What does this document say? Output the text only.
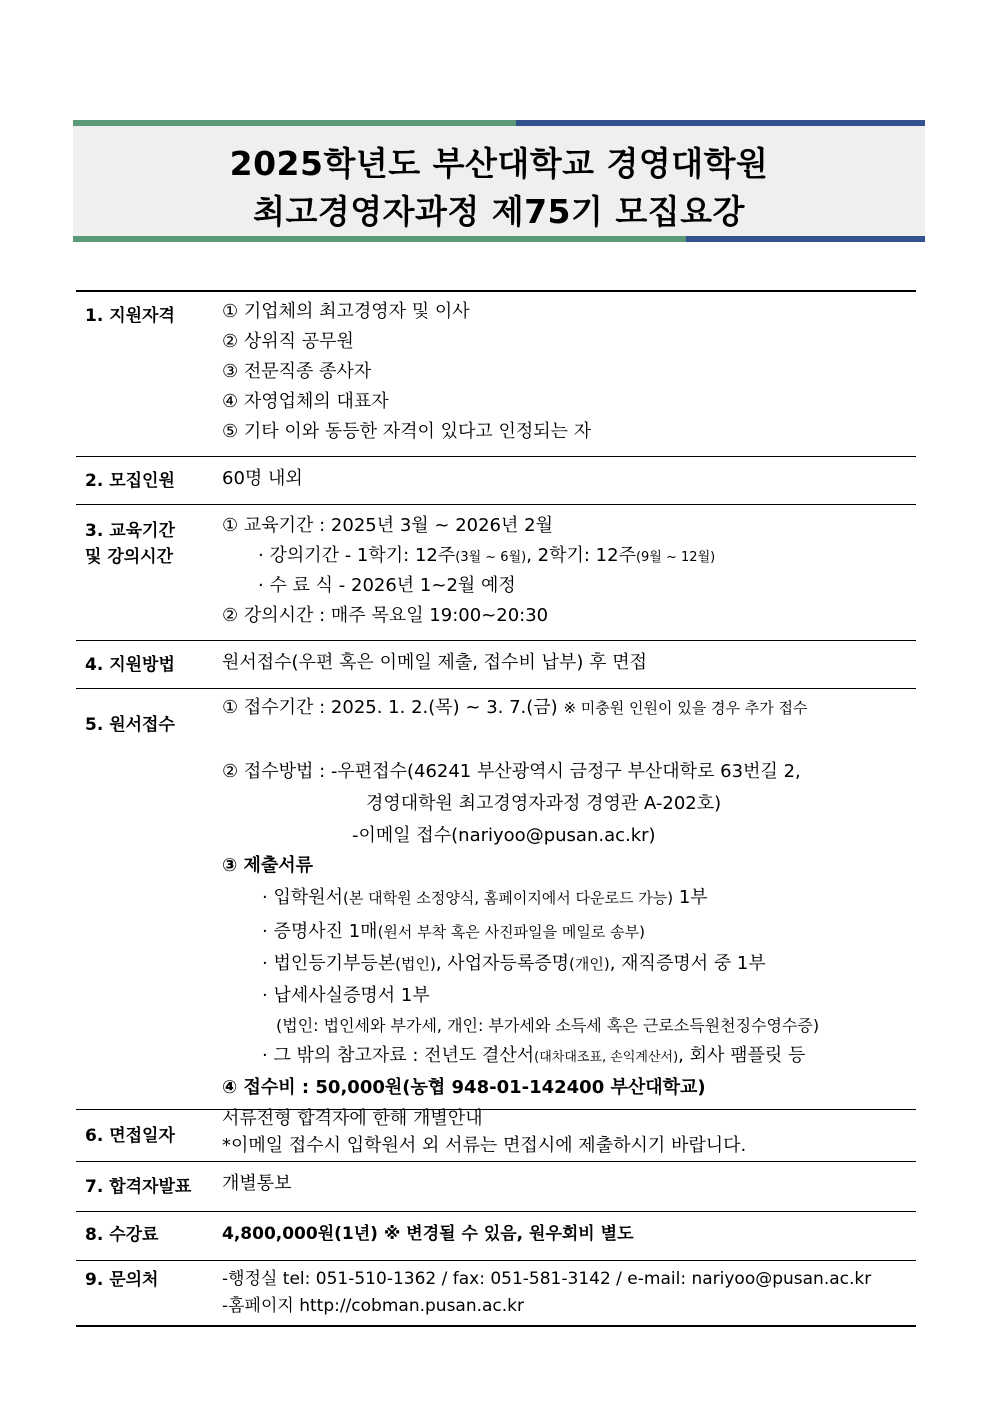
2025학년도 부산대학교 경영대학원
최고경영자과정 제75기 모집요강
1. 지원자격	① 기업체의 최고경영자 및 이사
② 상위직 공무원
③ 전문직종 종사자
④ 자영업체의 대표자
⑤ 기타 이와 동등한 자격이 있다고 인정되는 자
2. 모집인원	60명 내외
3. 교육기간
및 강의시간
① 교육기간 : 2025년 3월 ~ 2026년 2월
· 강의기간 - 1학기: 12주(3월 ~ 6월), 2학기: 12주(9월 ~ 12월)
· 수 료 식 - 2026년 1~2월 예정
② 강의시간 : 매주 목요일 19:00~20:30
4. 지원방법	원서접수(우편 혹은 이메일 제출, 접수비 납부) 후 면접
5. 원서접수
① 접수기간 : 2025. 1. 2.(목) ~ 3. 7.(금) ※ 미충원 인원이 있을 경우 추가 접수
② 접수방법 : -우편접수(46241 부산광역시 금정구 부산대학로 63번길 2,
경영대학원 최고경영자과정 경영관 A-202호)
-이메일 접수(nariyoo@pusan.ac.kr)
③ 제출서류
· 입학원서(본 대학원 소정양식, 홈페이지에서 다운로드 가능) 1부
· 증명사진 1매(원서 부착 혹은 사진파일을 메일로 송부)
· 법인등기부등본(법인), 사업자등록증명(개인), 재직증명서 중 1부
· 납세사실증명서 1부
(법인: 법인세와 부가세, 개인: 부가세와 소득세 혹은 근로소득원천징수영수증)
· 그 밖의 참고자료 : 전년도 결산서(대차대조표, 손익계산서), 회사 팸플릿 등
④ 접수비 : 50,000원(농협 948-01-142400 부산대학교)
6. 면접일자
서류전형 합격자에 한해 개별안내
*이메일 접수시 입학원서 외 서류는 면접시에 제출하시기 바랍니다.
7. 합격자발표 개별통보
8. 수강료	4,800,000원(1년) ※ 변경될 수 있음, 원우회비 별도
9. 문의처	-행정실 tel: 051-510-1362 / fax: 051-581-3142 / e-mail: nariyoo@pusan.ac.kr
-홈페이지 http://cobman.pusan.ac.kr
